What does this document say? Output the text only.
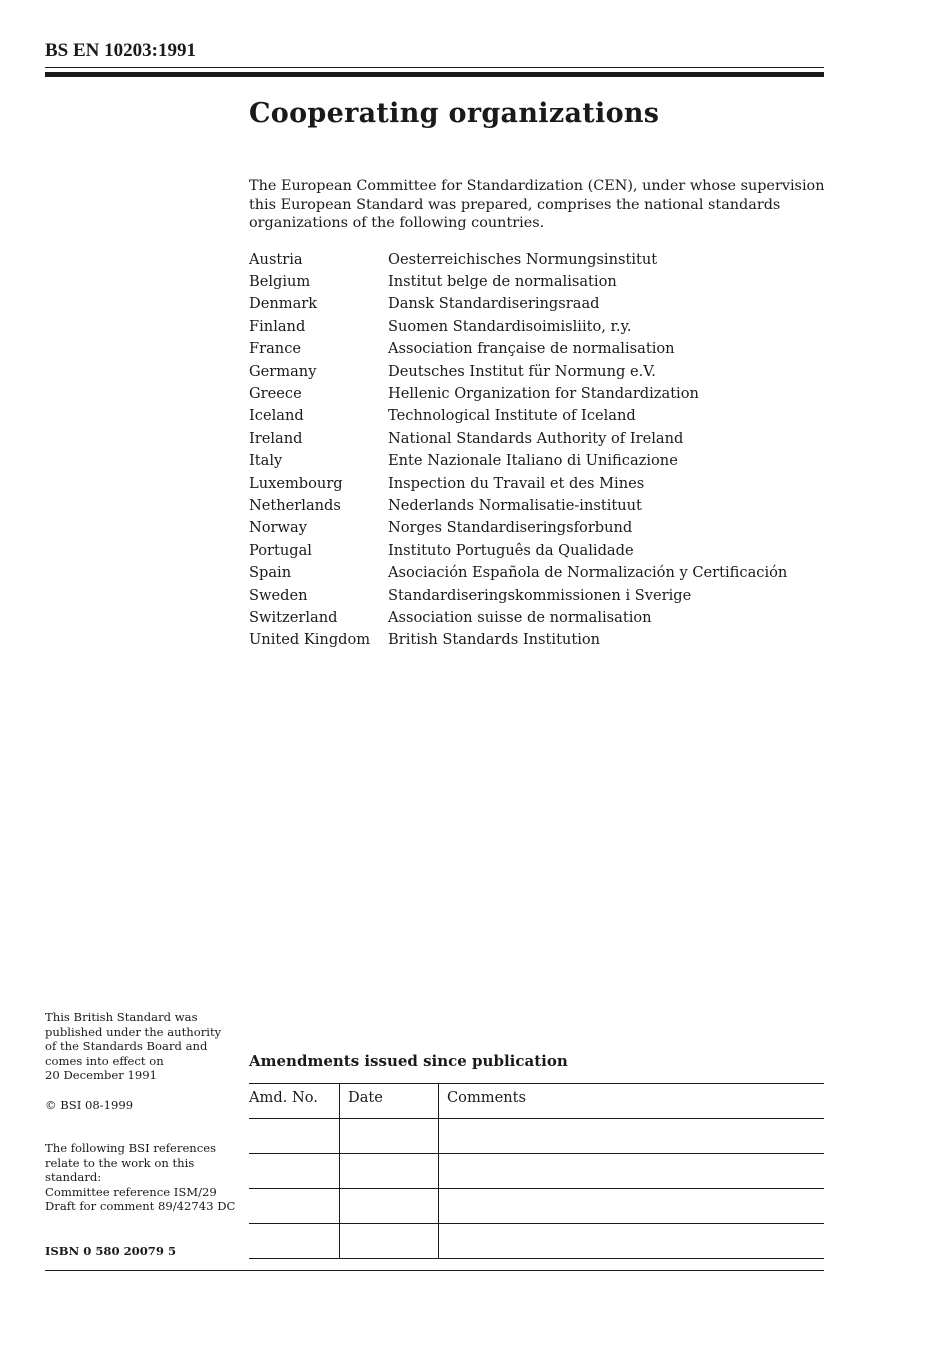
BS EN 10203:1991

Cooperating organizations

The European Committee for Standardization (CEN), under whose supervision this European Standard was prepared, comprises the national standards organizations of the following countries.

Austria	Oesterreichisches Normungsinstitut
Belgium	Institut belge de normalisation
Denmark	Dansk Standardiseringsraad
Finland	Suomen Standardisoimisliito, r.y.
France	Association française de normalisation
Germany	Deutsches Institut für Normung e.V.
Greece	Hellenic Organization for Standardization
Iceland	Technological Institute of Iceland
Ireland	National Standards Authority of Ireland
Italy	Ente Nazionale Italiano di Unificazione
Luxembourg	Inspection du Travail et des Mines
Netherlands	Nederlands Normalisatie-instituut
Norway	Norges Standardiseringsforbund
Portugal	Instituto Português da Qualidade
Spain	Asociación Española de Normalización y Certificación
Sweden	Standardiseringskommissionen i Sverige
Switzerland	Association suisse de normalisation
United Kingdom	British Standards Institution

This British Standard was
published under the authority
of the Standards Board and
comes into effect on
20 December 1991

© BSI 08-1999

The following BSI references
relate to the work on this
standard:
Committee reference ISM/29
Draft for comment 89/42743 DC

ISBN 0 580 20079 5

Amendments issued since publication
Amd. No.	Date	Comments
